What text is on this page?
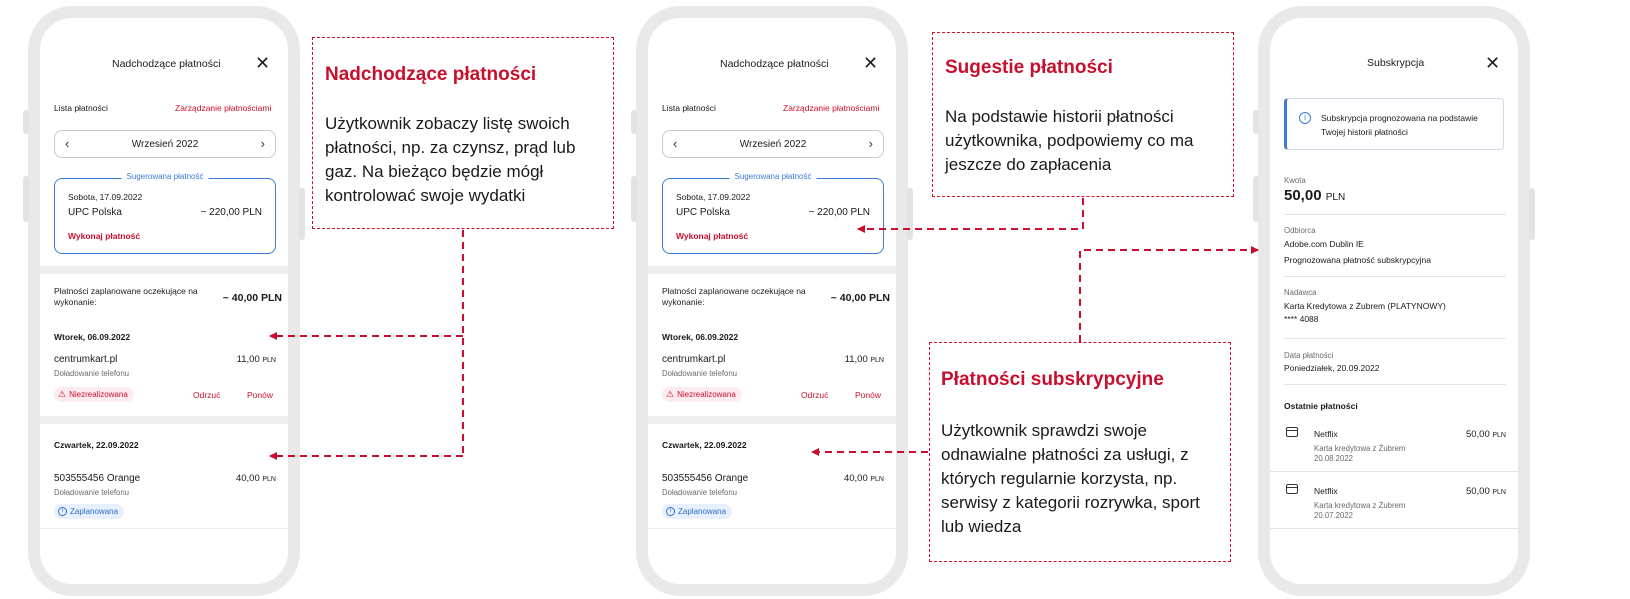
Nadchodzące płatności ✕
Lista płatności	Zarządzanie płatnościami
‹	Wrzesień 2022	›
Sugerowana płatność
Sobota, 17.09.2022
UPC Polska	~ 220,00 PLN
Wykonaj płatność
Płatności zaplanowane oczekujące na wykonanie:	~ 40,00 PLN
Wtorek, 06.09.2022
centrumkart.pl	11,00 PLN
Doładowanie telefonu
⚠ Niezrealizowana	Odrzuć	Ponów
Czwartek, 22.09.2022
503555456 Orange	40,00 PLN
Doładowanie telefonu
i Zaplanowana
Nadchodzące płatności ✕
Lista płatności	Zarządzanie płatnościami
‹	Wrzesień 2022	›
Sugerowana płatność
Sobota, 17.09.2022
UPC Polska	~ 220,00 PLN
Wykonaj płatność
Płatności zaplanowane oczekujące na wykonanie:	~ 40,00 PLN
Wtorek, 06.09.2022
centrumkart.pl	11,00 PLN
Doładowanie telefonu
⚠ Niezrealizowana	Odrzuć	Ponów
Czwartek, 22.09.2022
503555456 Orange	40,00 PLN
Doładowanie telefonu
i Zaplanowana
Subskrypcja	✕
i	Subskrypcja prognozowana na podstawie Twojej historii płatności
Kwota
50,00 PLN
Odbiorca
Adobe.com Dublin IE
Prognozowana płatność subskrypcyjna
Nadawca
Karta Kredytowa z Żubrem (PLATYNOWY)
**** 4088
Data płatności
Poniedziałek, 20.09.2022
Ostatnie płatności
Netflix	50,00 PLN
Karta kredytowa z Żubrem
20.08.2022
Netflix	50,00 PLN
Karta kredytowa z Żubrem
20.07.2022
Nadchodzące płatności
Użytkownik zobaczy listę swoich
płatności, np. za czynsz, prąd lub
gaz. Na bieżąco będzie mógł
kontrolować swoje wydatki
Sugestie płatności
Na podstawie historii płatności
użytkownika, podpowiemy co ma
jeszcze do zapłacenia
Płatności subskrypcyjne
Użytkownik sprawdzi swoje
odnawialne płatności za usługi, z
których regularnie korzysta, np.
serwisy z kategorii rozrywka, sport
lub wiedza
